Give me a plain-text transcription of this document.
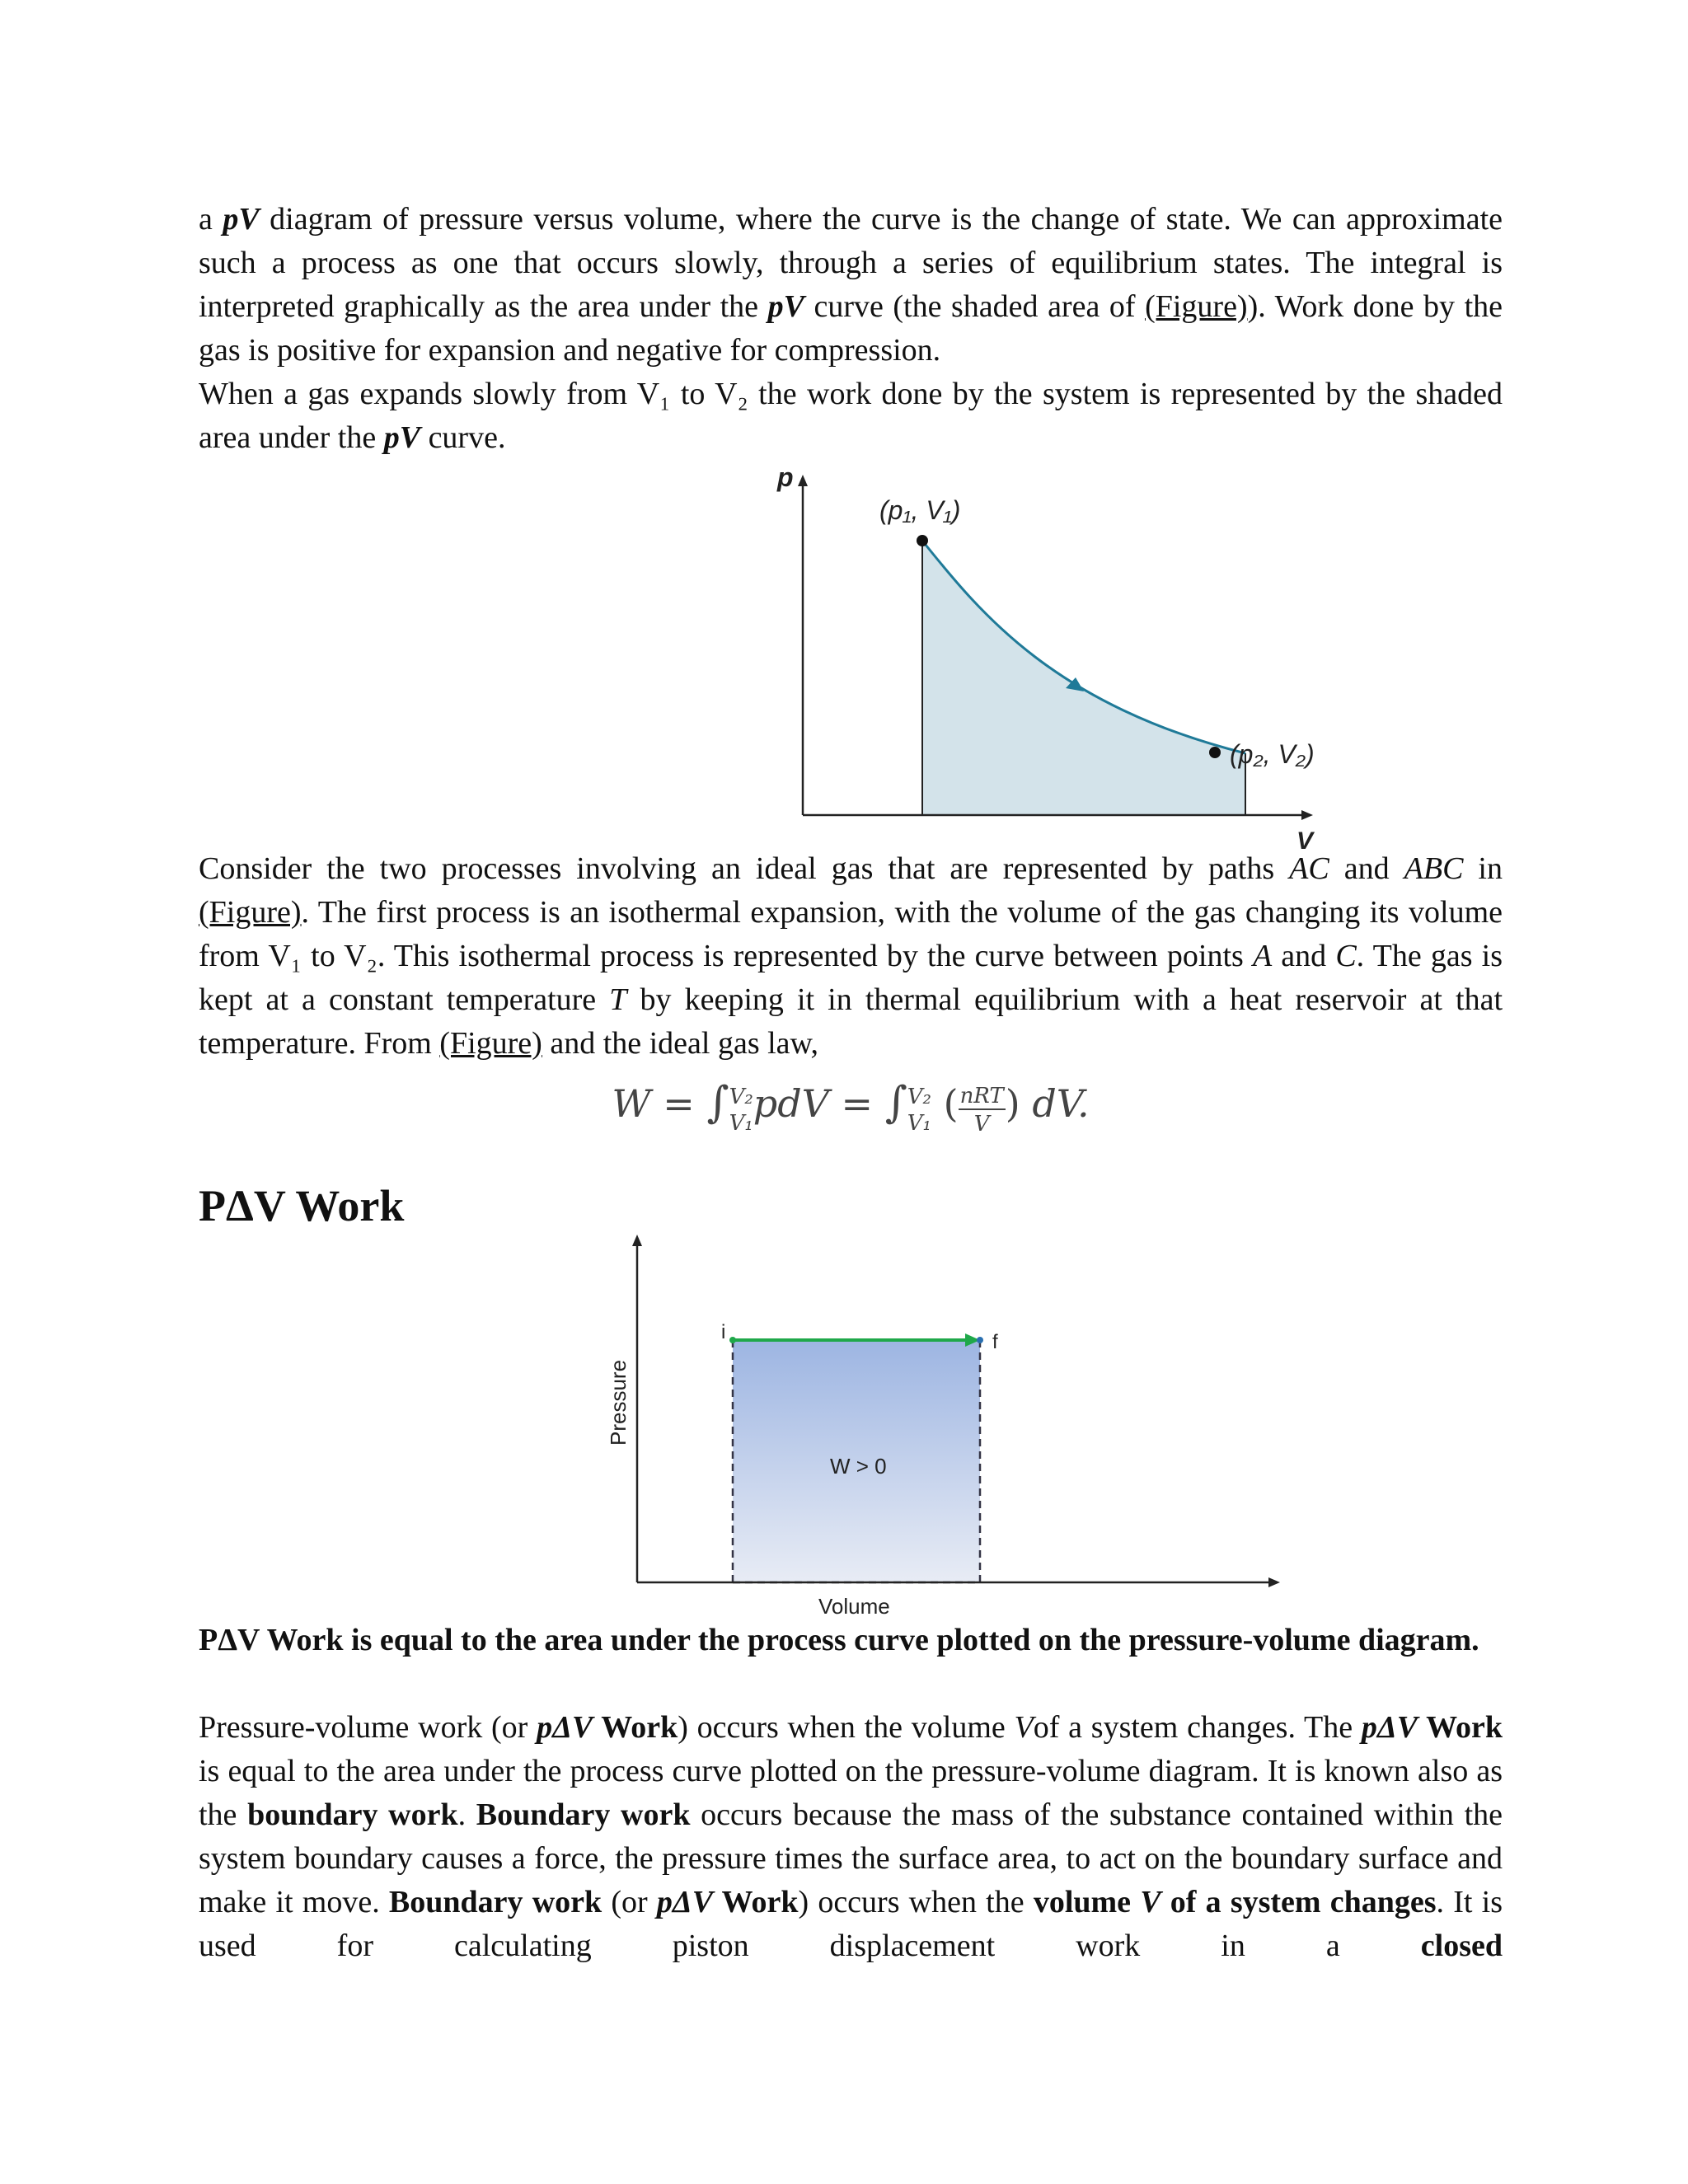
a pV diagram of pressure versus volume, where the curve is the change of state. We can approximate such a process as one that occurs slowly, through a series of equilibrium states. The integral is interpreted graphically as the area under the pV curve (the shaded area of (Figure)). Work done by the gas is positive for expansion and negative for compression.

When a gas expands slowly from V₁ to V₂ the work done by the system is represented by the shaded area under the pV curve.

p
V
(p₁, V₁)
(p₂, V₂)

Consider the two processes involving an ideal gas that are represented by paths AC and ABC in (Figure). The first process is an isothermal expansion, with the volume of the gas changing its volume from V₁ to V₂. This isothermal process is represented by the curve between points A and C. The gas is kept at a constant temperature T by keeping it in thermal equilibrium with a heat reservoir at that temperature. From (Figure) and the ideal gas law,

W = ∫V₂
V₁pdV = ∫V₂
V₁ (nRT
V ) dV.
PΔV Work
i	f
W > 0
Volume
Pressure

PΔV Work is equal to the area under the process curve plotted on the pressure-volume diagram.

Pressure-volume work (or pΔV Work) occurs when the volume Vof a system changes. The pΔV Work is equal to the area under the process curve plotted on the pressure-volume diagram. It is known also as the boundary work. Boundary work occurs because the mass of the substance contained within the system boundary causes a force, the pressure times the surface area, to act on the boundary surface and make it move. Boundary work (or pΔV Work) occurs when the volume V of a system changes. It is used for calculating piston displacement work in a closed
